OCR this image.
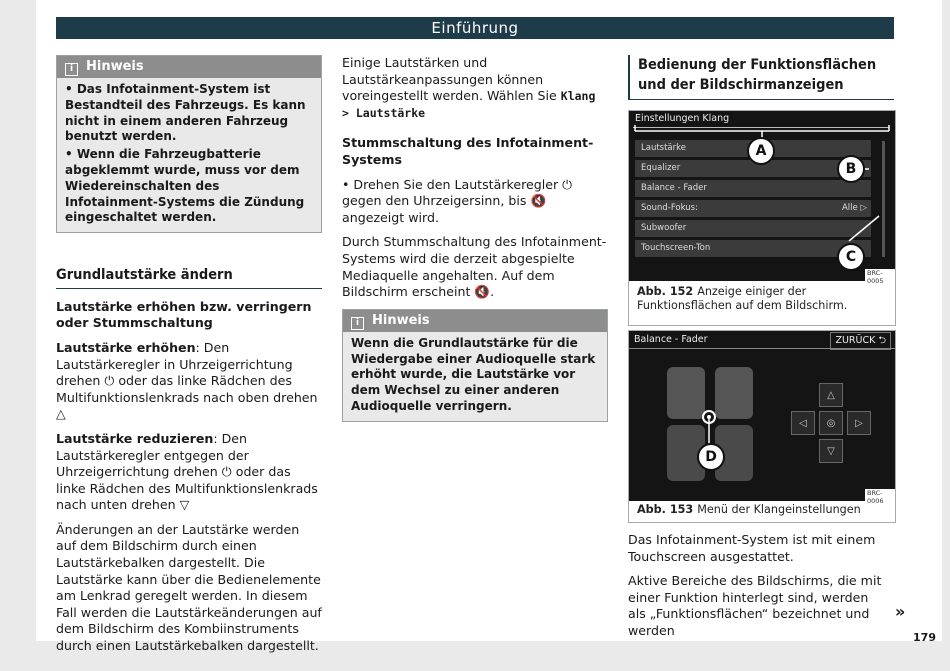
Einführung
i Hinweis

• Das Infotainment-System ist Bestandteil des Fahrzeugs. Es kann nicht in einem anderen Fahrzeug benutzt werden.

• Wenn die Fahrzeugbatterie abgeklemmt wurde, muss vor dem Wiedereinschalten des Infotainment-Systems die Zündung eingeschaltet werden.

Grundlautstärke ändern

Lautstärke erhöhen bzw. verringern oder Stummschaltung

Lautstärke erhöhen: Den Lautstärkeregler in Uhrzeigerrichtung drehen ⏻ oder das linke Rädchen des Multifunktionslenkrads nach oben drehen △

Lautstärke reduzieren: Den Lautstärkeregler entgegen der Uhrzeigerrichtung drehen ⏻ oder das linke Rädchen des Multifunktionslenkrads nach unten drehen ▽

Änderungen an der Lautstärke werden auf dem Bildschirm durch einen Lautstärkebalken dargestellt. Die Lautstärke kann über die Bedienelemente am Lenkrad geregelt werden. In diesem Fall werden die Lautstärkeänderungen auf dem Bildschirm des Kombiinstruments durch einen Lautstärkebalken dargestellt.

Einige Lautstärken und Lautstärkeanpassungen können voreingestellt werden. Wählen Sie Klang > Lautstärke

Stummschaltung des Infotainment-Systems

• Drehen Sie den Lautstärkeregler ⏻ gegen den Uhrzeigersinn, bis 🔇 angezeigt wird.

Durch Stummschaltung des Infotainment-Systems wird die derzeit abgespielte Mediaquelle angehalten. Auf dem Bildschirm erscheint 🔇.

i Hinweis

Wenn die Grundlautstärke für die Wiedergabe einer Audioquelle stark erhöht wurde, die Lautstärke vor dem Wechsel zu einer anderen Audioquelle verringern.

Bedienung der Funktionsflächen und der Bildschirmanzeigen
Einstellungen Klang
Lautstärke
Equalizer
Balance - Fader
Sound-Fokus:	Alle ▷
Subwoofer
Touchscreen-Ton
BRC-0005
A
B
C
Abb. 152 Anzeige einiger der Funktionsflächen auf dem Bildschirm.
Balance - Fader	ZURÜCK ⮌
D
△
◁	◎	▷
▽
BRC-0006
Abb. 153 Menü der Klangeinstellungen

Das Infotainment-System ist mit einem Touchscreen ausgestattet.

Aktive Bereiche des Bildschirms, die mit einer Funktion hinterlegt sind, werden als „Funktionsflächen“ bezeichnet und werden

»
179
